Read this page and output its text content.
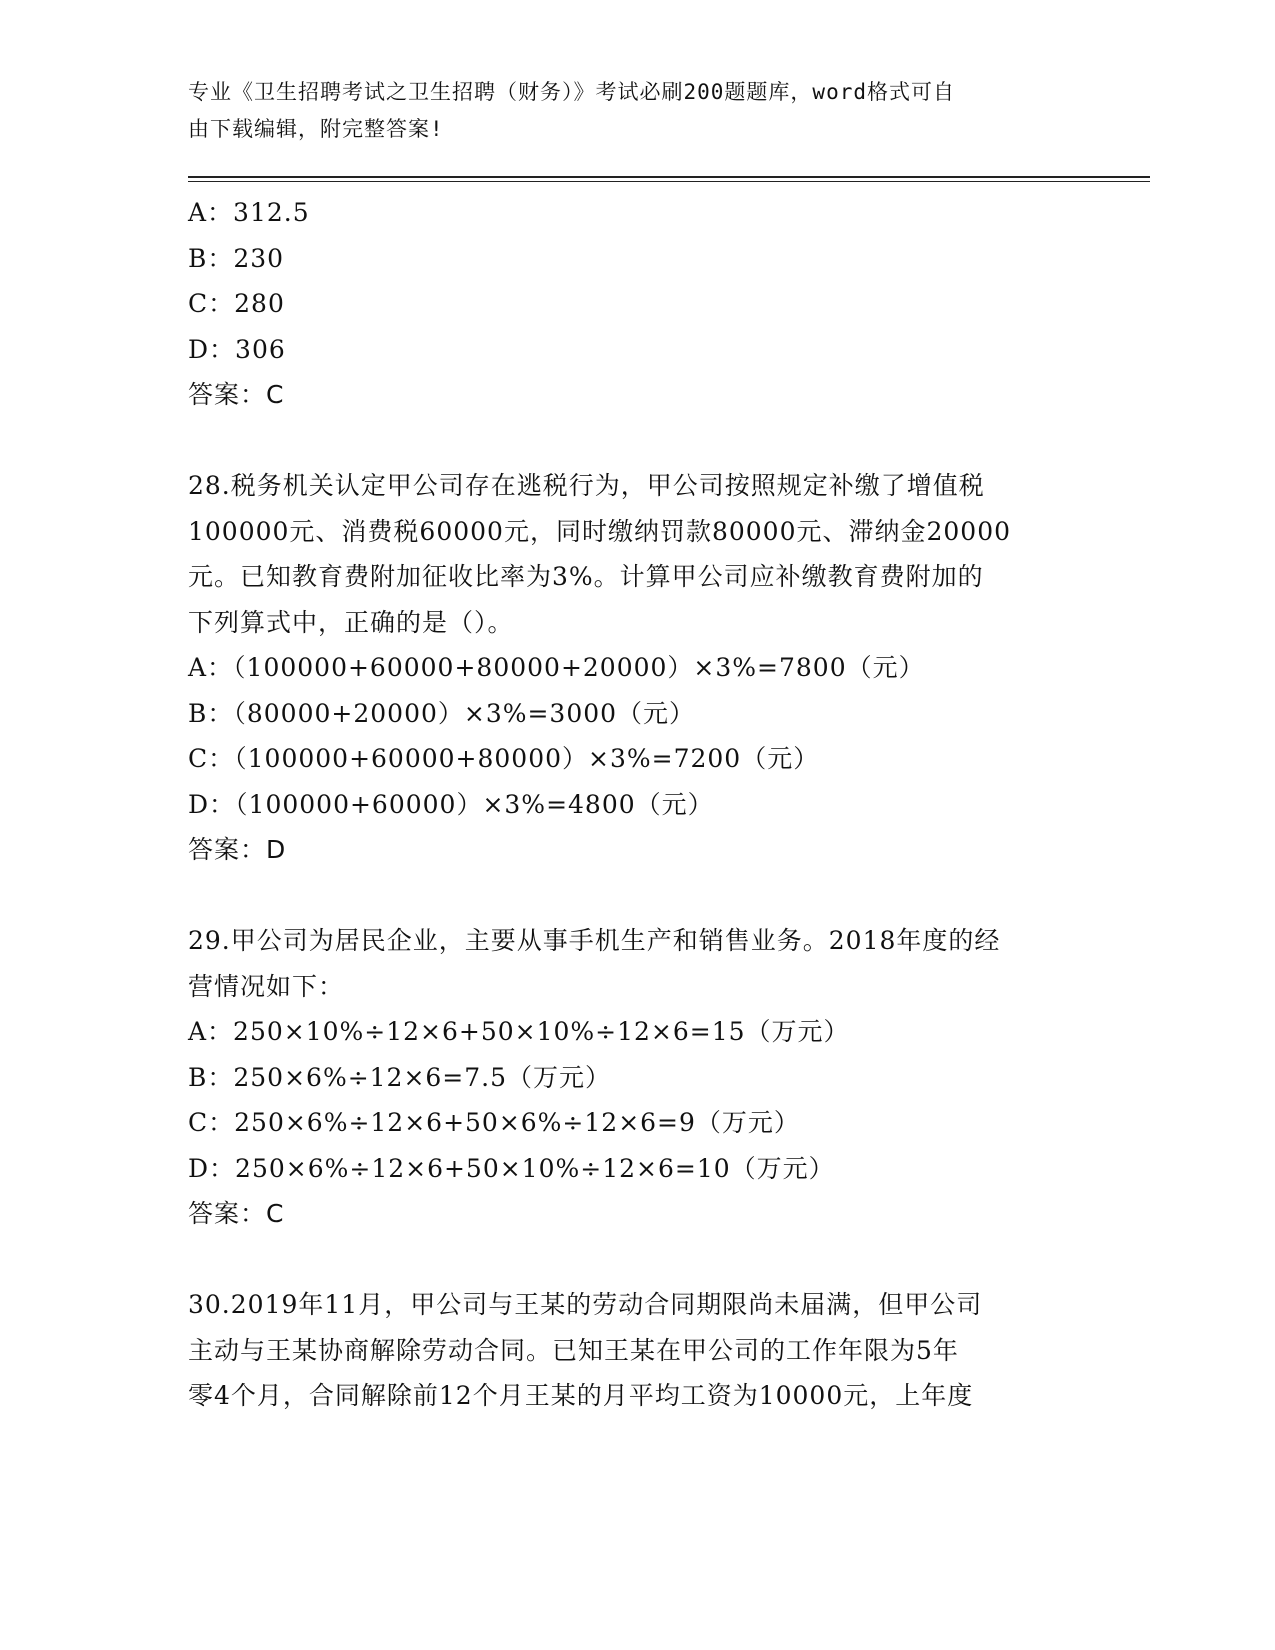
专业《卫生招聘考试之卫生招聘（财务）》考试必刷200题题库，word格式可自
由下载编辑，附完整答案!
A：312.5
B：230
C：280
D：306
答案：C
28.税务机关认定甲公司存在逃税行为，甲公司按照规定补缴了增值税
100000元、消费税60000元，同时缴纳罚款80000元、滞纳金20000
元。已知教育费附加征收比率为3%。计算甲公司应补缴教育费附加的
下列算式中，正确的是（）。
A：（100000+60000+80000+20000）×3%=7800（元）
B：（80000+20000）×3%=3000（元）
C：（100000+60000+80000）×3%=7200（元）
D：（100000+60000）×3%=4800（元）
答案：D
29.甲公司为居民企业，主要从事手机生产和销售业务。2018年度的经
营情况如下：
A：250×10%÷12×6+50×10%÷12×6=15（万元）
B：250×6%÷12×6=7.5（万元）
C：250×6%÷12×6+50×6%÷12×6=9（万元）
D：250×6%÷12×6+50×10%÷12×6=10（万元）
答案：C
30.2019年11月，甲公司与王某的劳动合同期限尚未届满，但甲公司
主动与王某协商解除劳动合同。已知王某在甲公司的工作年限为5年
零4个月，合同解除前12个月王某的月平均工资为10000元，上年度
